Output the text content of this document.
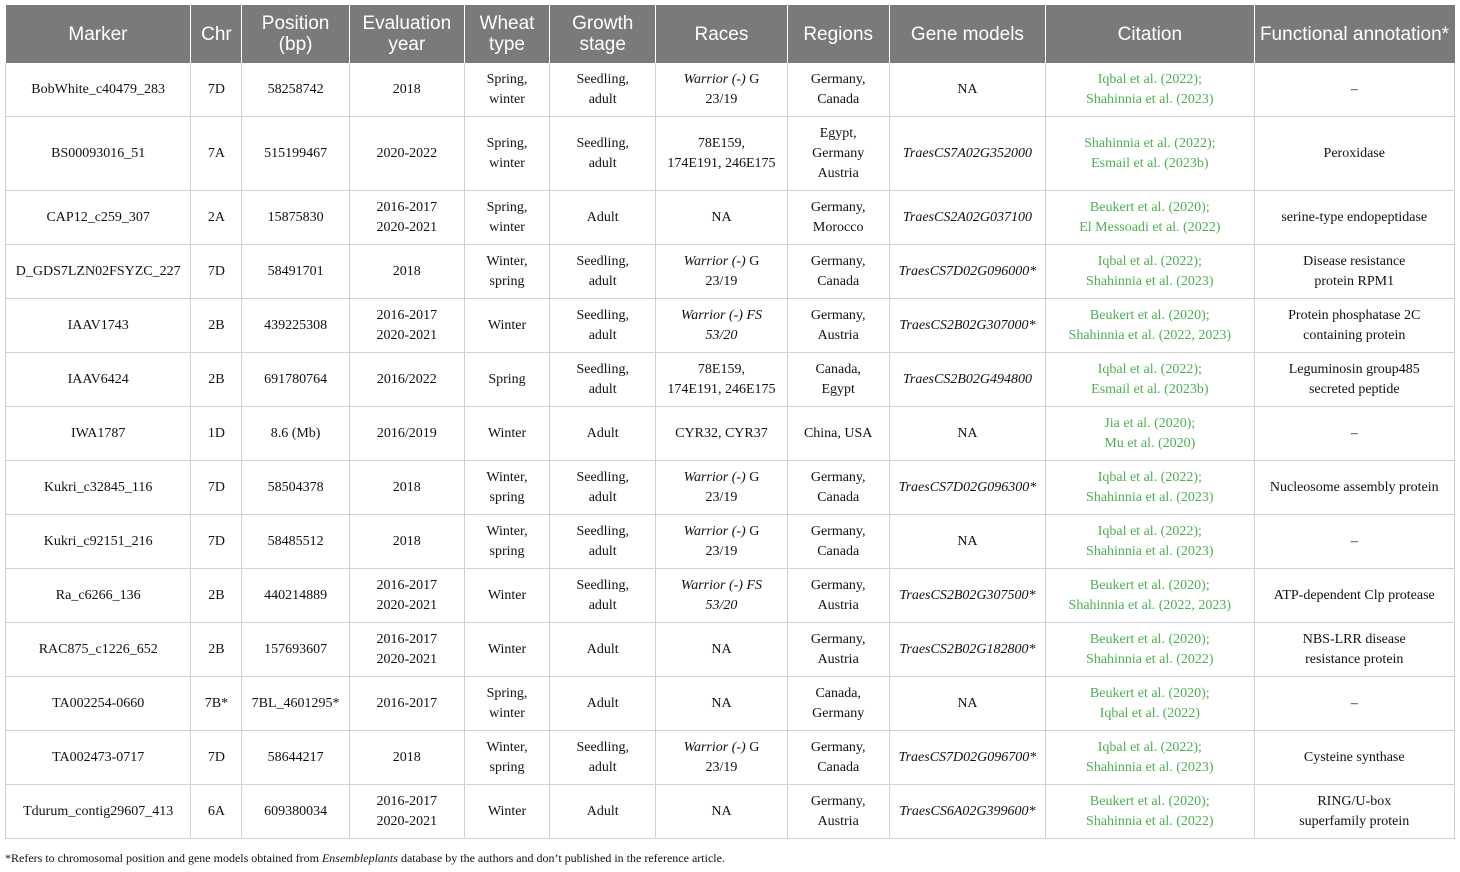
Marker	Chr	Position (bp)	Evaluation year	Wheat type	Growth stage	Races	Regions	Gene models	Citation	Functional annotation*
BobWhite_c40479_283	7D	58258742	2018	Spring,
winter	Seedling,
adult	Warrior (-) G
23/19	Germany,
Canada	NA	Iqbal et al. (2022);
Shahinnia et al. (2023)	–

BS00093016_51	7A	515199467	2020-2022	Spring,
winter	Seedling,
adult	78E159,
174E191, 246E175	Egypt,
Germany
Austria	TraesCS7A02G352000	Shahinnia et al. (2022);
Esmail et al. (2023b)	Peroxidase

CAP12_c259_307	2A	15875830	2016-2017
2020-2021	Spring,
winter	Adult	NA	Germany,
Morocco	TraesCS2A02G037100	Beukert et al. (2020);
El Messoadi et al. (2022)	serine-type endopeptidase

D_GDS7LZN02FSYZC_227	7D	58491701	2018	Winter,
spring	Seedling,
adult	Warrior (-) G
23/19	Germany,
Canada	TraesCS7D02G096000*	Iqbal et al. (2022);
Shahinnia et al. (2023)	Disease resistance
protein RPM1

IAAV1743	2B	439225308	2016-2017
2020-2021	Winter	Seedling,
adult	Warrior (-) FS
53/20	Germany,
Austria	TraesCS2B02G307000*	Beukert et al. (2020);
Shahinnia et al. (2022, 2023)	Protein phosphatase 2C
containing protein

IAAV6424	2B	691780764	2016/2022	Spring	Seedling,
adult	78E159,
174E191, 246E175	Canada,
Egypt	TraesCS2B02G494800	Iqbal et al. (2022);
Esmail et al. (2023b)	Leguminosin group485
secreted peptide

IWA1787	1D	8.6 (Mb)	2016/2019	Winter	Adult	CYR32, CYR37	China, USA	NA	Jia et al. (2020);
Mu et al. (2020)	–

Kukri_c32845_116	7D	58504378	2018	Winter,
spring	Seedling,
adult	Warrior (-) G
23/19	Germany,
Canada	TraesCS7D02G096300*	Iqbal et al. (2022);
Shahinnia et al. (2023)	Nucleosome assembly protein

Kukri_c92151_216	7D	58485512	2018	Winter,
spring	Seedling,
adult	Warrior (-) G
23/19	Germany,
Canada	NA	Iqbal et al. (2022);
Shahinnia et al. (2023)	–

Ra_c6266_136	2B	440214889	2016-2017
2020-2021	Winter	Seedling,
adult	Warrior (-) FS
53/20	Germany,
Austria	TraesCS2B02G307500*	Beukert et al. (2020);
Shahinnia et al. (2022, 2023)	ATP-dependent Clp protease

RAC875_c1226_652	2B	157693607	2016-2017
2020-2021	Winter	Adult	NA	Germany,
Austria	TraesCS2B02G182800*	Beukert et al. (2020);
Shahinnia et al. (2022)	NBS-LRR disease
resistance protein

TA002254-0660	7B*	7BL_4601295*	2016-2017	Spring,
winter	Adult	NA	Canada,
Germany	NA	Beukert et al. (2020);
Iqbal et al. (2022)	–

TA002473-0717	7D	58644217	2018	Winter,
spring	Seedling,
adult	Warrior (-) G
23/19	Germany,
Canada	TraesCS7D02G096700*	Iqbal et al. (2022);
Shahinnia et al. (2023)	Cysteine synthase

Tdurum_contig29607_413	6A	609380034	2016-2017
2020-2021	Winter	Adult	NA	Germany,
Austria	TraesCS6A02G399600*	Beukert et al. (2020);
Shahinnia et al. (2022)	RING/U-box
superfamily protein
*Refers to chromosomal position and gene models obtained from Ensembleplants database by the authors and don’t published in the reference article.
